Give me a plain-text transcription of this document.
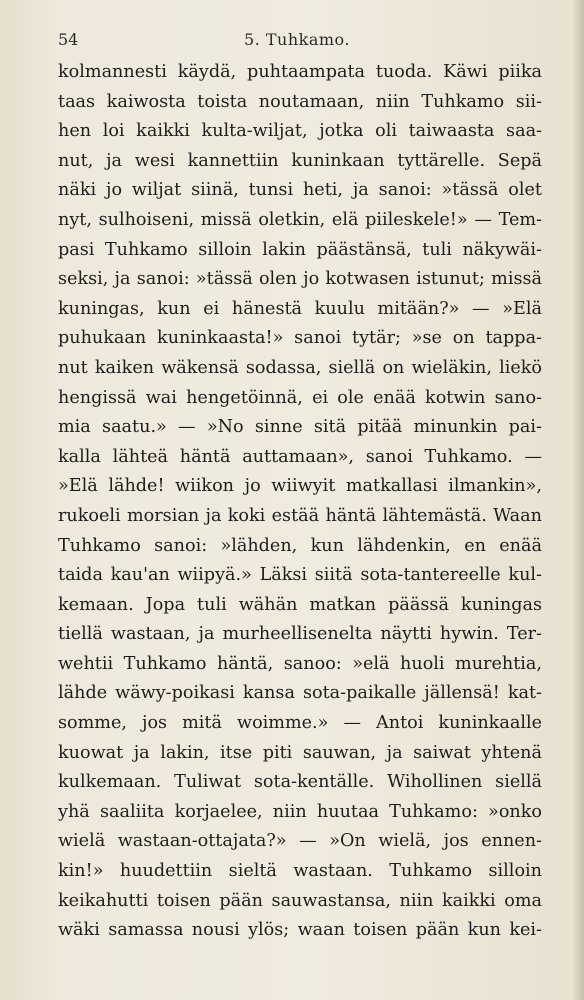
54	5. Tuhkamo.
kolmannesti käydä, puhtaampata tuoda. Käwi piika
taas kaiwosta toista noutamaan, niin Tuhkamo sii-
hen loi kaikki kulta-wiljat, jotka oli taiwaasta saa-
nut, ja wesi kannettiin kuninkaan tyttärelle. Sepä
näki jo wiljat siinä, tunsi heti, ja sanoi: »tässä olet
nyt, sulhoiseni, missä oletkin, elä piileskele!» — Tem-
pasi Tuhkamo silloin lakin päästänsä, tuli näkywäi-
seksi, ja sanoi: »tässä olen jo kotwasen istunut; missä
kuningas, kun ei hänestä kuulu mitään?» — »Elä
puhukaan kuninkaasta!» sanoi tytär; »se on tappa-
nut kaiken wäkensä sodassa, siellä on wieläkin, liekö
hengissä wai hengetöinnä, ei ole enää kotwin sano-
mia saatu.» — »No sinne sitä pitää minunkin pai-
kalla lähteä häntä auttamaan», sanoi Tuhkamo. —
»Elä lähde! wiikon jo wiiwyit matkallasi ilmankin»,
rukoeli morsian ja koki estää häntä lähtemästä. Waan
Tuhkamo sanoi: »lähden, kun lähdenkin, en enää
taida kau'an wiipyä.» Läksi siitä sota-tantereelle kul-
kemaan. Jopa tuli wähän matkan päässä kuningas
tiellä wastaan, ja murheellisenelta näytti hywin. Ter-
wehtii Tuhkamo häntä, sanoo: »elä huoli murehtia,
lähde wäwy-poikasi kansa sota-paikalle jällensä! kat-
somme, jos mitä woimme.» — Antoi kuninkaalle
kuowat ja lakin, itse piti sauwan, ja saiwat yhtenä
kulkemaan. Tuliwat sota-kentälle. Wihollinen siellä
yhä saaliita korjaelee, niin huutaa Tuhkamo: »onko
wielä wastaan-ottajata?» — »On wielä, jos ennen-
kin!» huudettiin sieltä wastaan. Tuhkamo silloin
keikahutti toisen pään sauwastansa, niin kaikki oma
wäki samassa nousi ylös; waan toisen pään kun kei-
